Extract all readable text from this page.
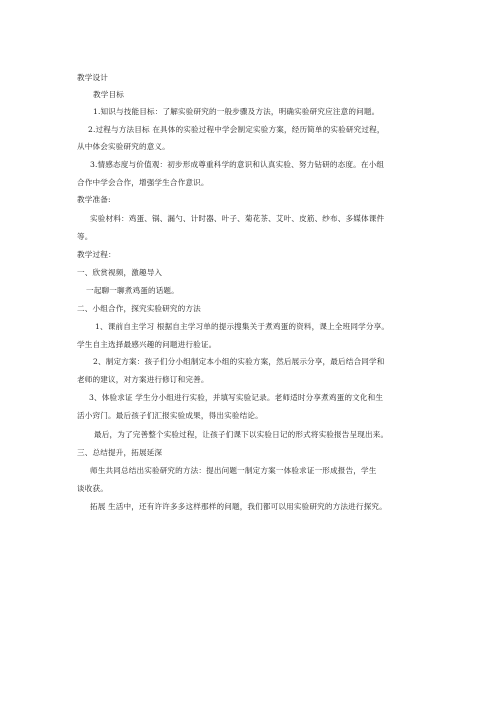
教学设计
教学目标
1.知识与技能目标：了解实验研究的一般步骤及方法，明确实验研究应注意的问题。
2.过程与方法目标 在具体的实验过程中学会制定实验方案，经历简单的实验研究过程，
从中体会实验研究的意义。
3.情感态度与价值观：初步形成尊重科学的意识和认真实验、努力钻研的态度。在小组
合作中学会合作，增强学生合作意识。
教学准备:
实验材料：鸡蛋、锅、漏勺、计时器、叶子、菊花茶、艾叶、皮筋、纱布、多媒体课件
等。
教学过程：
一、欣赏视频，激趣导入
一起聊一聊煮鸡蛋的话题。
二、小组合作，探究实验研究的方法
1、课前自主学习 根据自主学习单的提示搜集关于煮鸡蛋的资料，课上全班同学分享。
学生自主选择最感兴趣的问题进行验证。
2、制定方案：孩子们分小组制定本小组的实验方案，然后展示分享，最后结合同学和
老师的建议，对方案进行修订和完善。
3、体验求证 学生分小组进行实验，并填写实验记录。老师适时分享煮鸡蛋的文化和生
活小窍门。最后孩子们汇报实验成果，得出实验结论。
最后，为了完善整个实验过程，让孩子们课下以实验日记的形式将实验报告呈现出来。
三、总结提升，拓展延深
师生共同总结出实验研究的方法：提出问题一制定方案一体验求证一形成报告，学生
谈收获。
拓展 生活中，还有许许多多这样那样的问题，我们都可以用实验研究的方法进行探究。
